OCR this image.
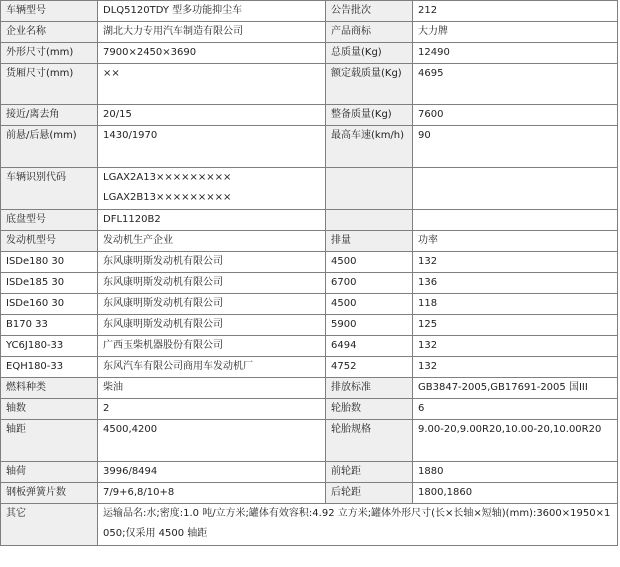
车辆型号	DLQ5120TDY 型多功能抑尘车	公告批次	212
企业名称	湖北大力专用汽车制造有限公司	产品商标	大力牌
外形尺寸(mm)	7900×2450×3690	总质量(Kg)	12490
货厢尺寸(mm)	××	额定载质量(Kg)	4695
接近/离去角	20/15	整备质量(Kg)	7600
前悬/后悬(mm)	1430/1970	最高车速(km/h)	90
车辆识别代码	LGAX2A13×××××××××
LGAX2B13×××××××××		

底盘型号	DFL1120B2		
发动机型号	发动机生产企业	排量	功率
ISDe180 30	东风康明斯发动机有限公司	4500	132
ISDe185 30	东风康明斯发动机有限公司	6700	136
ISDe160 30	东风康明斯发动机有限公司	4500	118
B170 33	东风康明斯发动机有限公司	5900	125
YC6J180-33	广西玉柴机器股份有限公司	6494	132
EQH180-33	东风汽车有限公司商用车发动机厂	4752	132
燃料种类	柴油	排放标准	GB3847-2005,GB17691-2005 国III
轴数	2	轮胎数	6
轴距	4500,4200	轮胎规格	9.00-20,9.00R20,10.00-20,10.00R20
轴荷	3996/8494	前轮距	1880
钢板弹簧片数	7/9+6,8/10+8	后轮距	1800,1860
其它	运输品名:水;密度:1.0 吨/立方米;罐体有效容积:4.92 立方米;罐体外形尺寸(长×长轴×短轴)(mm):3600×1950×1050;仅采用 4500 轴距		
